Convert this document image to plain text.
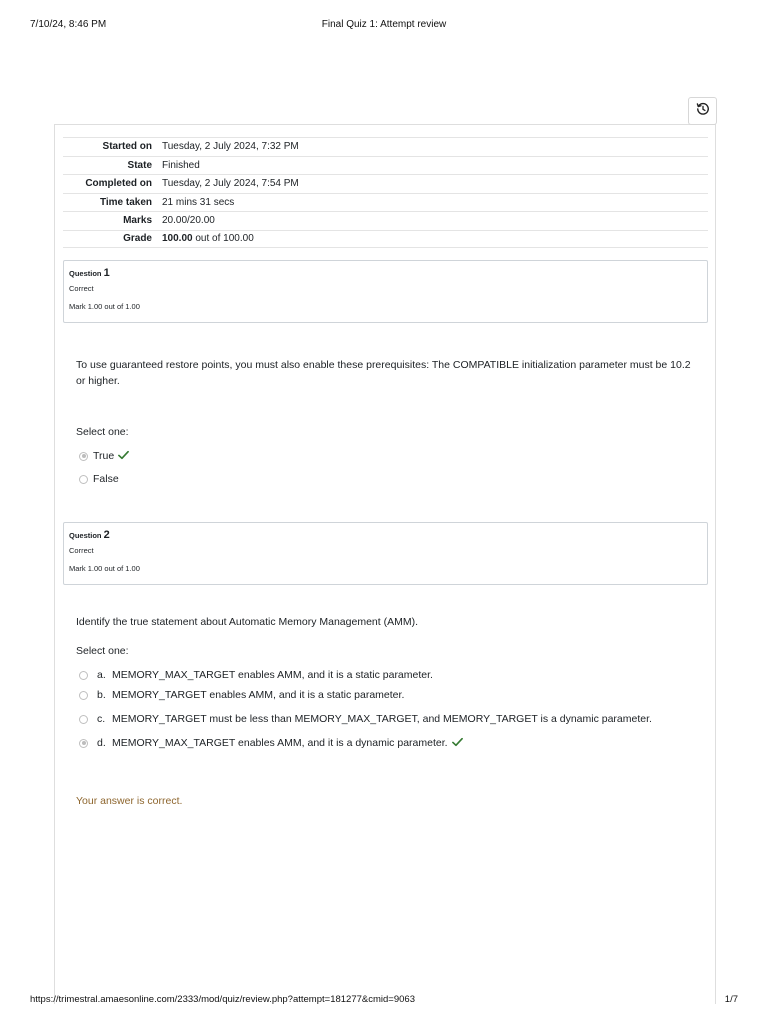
7/10/24, 8:46 PM	Final Quiz 1: Attempt review
Started on	Tuesday, 2 July 2024, 7:32 PM
State	Finished
Completed on	Tuesday, 2 July 2024, 7:54 PM
Time taken	21 mins 31 secs
Marks	20.00/20.00
Grade	100.00 out of 100.00
Question 1
Correct
Mark 1.00 out of 1.00
To use guaranteed restore points, you must also enable these prerequisites: The COMPATIBLE initialization parameter must be 10.2 or higher.
Select one:
True
False
Question 2
Correct
Mark 1.00 out of 1.00
Identify the true statement about Automatic Memory Management (AMM).
Select one:
a. MEMORY_MAX_TARGET enables AMM, and it is a static parameter.
b. MEMORY_TARGET enables AMM, and it is a static parameter.
c. MEMORY_TARGET must be less than MEMORY_MAX_TARGET, and MEMORY_TARGET is a dynamic parameter.
d. MEMORY_MAX_TARGET enables AMM, and it is a dynamic parameter.
Your answer is correct.
https://trimestral.amaesonline.com/2333/mod/quiz/review.php?attempt=181277&cmid=9063	1/7
